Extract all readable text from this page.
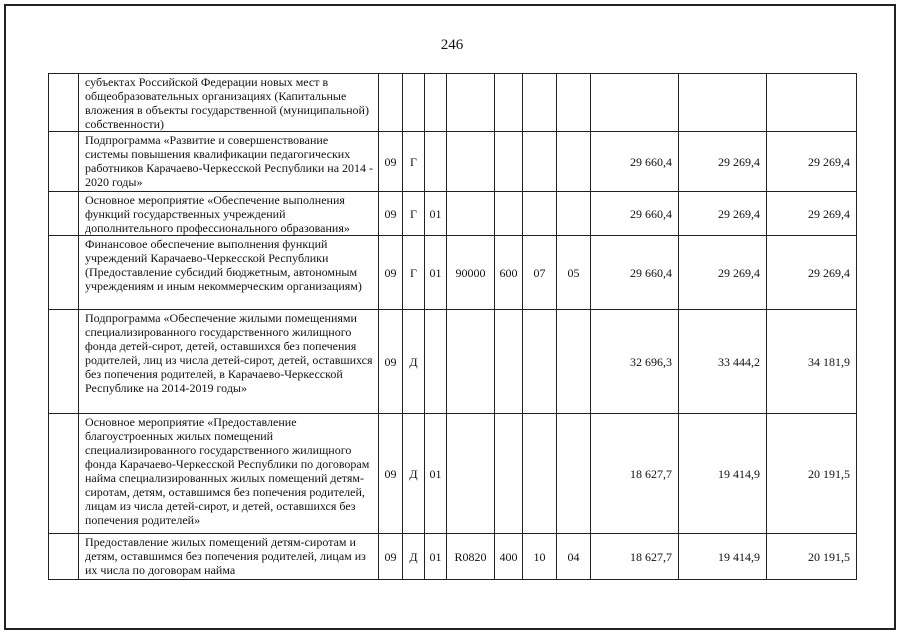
246
	субъектах Российской Федерации новых мест в общеобразовательных организациях (Капитальные вложения в объекты государственной (муниципальной) собственности)										
	Подпрограмма «Развитие и совершенствование системы повышения квалификации педагогических работников Карачаево-Черкесской Республики на 2014 - 2020 годы»	09	Г						29 660,4	29 269,4	29 269,4
	Основное мероприятие «Обеспечение выполнения функций государственных учреждений дополнительного профессионального образования»	09	Г	01					29 660,4	29 269,4	29 269,4
	Финансовое обеспечение выполнения функций учреждений Карачаево-Черкесской Республики (Предоставление субсидий бюджетным, автономным учреждениям и иным некоммерческим организациям)	09	Г	01	90000	600	07	05	29 660,4	29 269,4	29 269,4
	Подпрограмма «Обеспечение жилыми помещениями специализированного государственного жилищного фонда детей-сирот, детей, оставшихся без попечения родителей, лиц из числа детей-сирот, детей, оставшихся без попечения родителей, в Карачаево-Черкесской Республике на 2014-2019 годы»	09	Д						32 696,3	33 444,2	34 181,9
	Основное мероприятие «Предоставление благоустроенных жилых помещений специализированного государственного жилищного фонда Карачаево-Черкесской Республики по договорам найма специализированных жилых помещений детям-сиротам, детям, оставшимся без попечения родителей, лицам из числа детей-сирот, и детей, оставшихся без попечения родителей»	09	Д	01					18 627,7	19 414,9	20 191,5
	Предоставление жилых помещений детям-сиротам и детям, оставшимся без попечения родителей, лицам из их числа по договорам найма	09	Д	01	R0820	400	10	04	18 627,7	19 414,9	20 191,5
